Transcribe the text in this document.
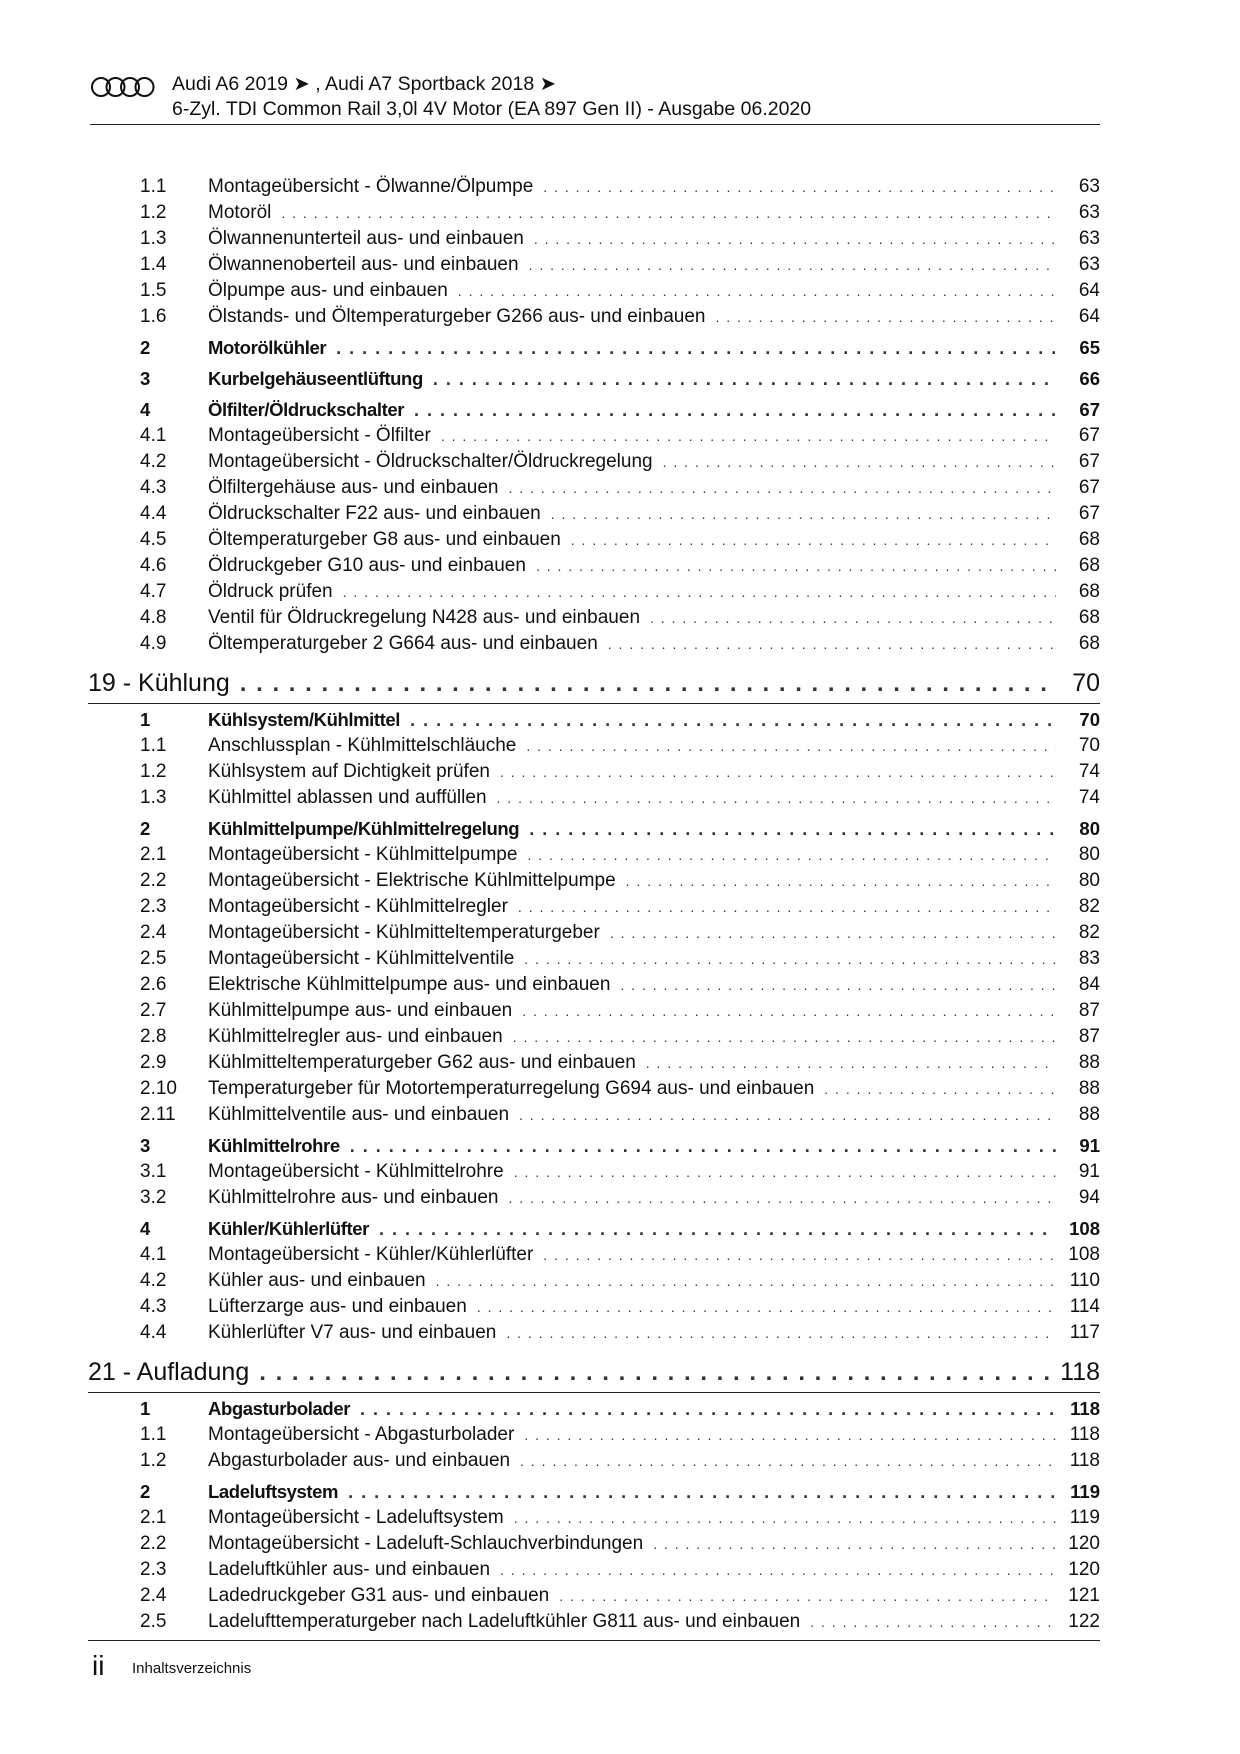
Audi A6 2019 ➤ , Audi A7 Sportback 2018 ➤
6-Zyl. TDI Common Rail 3,0l 4V Motor (EA 897 Gen II) - Ausgabe 06.2020
1.1	Montageübersicht - Ölwanne/Ölpumpe . . .	63
1.2	Motoröl . . .	63
1.3	Ölwannenunterteil aus- und einbauen . . .	63
1.4	Ölwannenoberteil aus- und einbauen . . .	63
1.5	Ölpumpe aus- und einbauen . . .	64
1.6	Ölstands- und Öltemperaturgeber G266 aus- und einbauen . . .	64
2	Motorölkühler . . .	65
3	Kurbelgehäuseentlüftung . . .	66
4	Ölfilter/Öldruckschalter . . .	67
4.1	Montageübersicht - Ölfilter . . .	67
4.2	Montageübersicht - Öldruckschalter/Öldruckregelung . . .	67
4.3	Ölfiltergehäuse aus- und einbauen . . .	67
4.4	Öldruckschalter F22 aus- und einbauen . . .	67
4.5	Öltemperaturgeber G8 aus- und einbauen . . .	68
4.6	Öldruckgeber G10 aus- und einbauen . . .	68
4.7	Öldruck prüfen . . .	68
4.8	Ventil für Öldruckregelung N428 aus- und einbauen . . .	68
4.9	Öltemperaturgeber 2 G664 aus- und einbauen . . .	68
19 - Kühlung . . .	70
1	Kühlsystem/Kühlmittel . . .	70
1.1	Anschlussplan - Kühlmittelschläuche . . .	70
1.2	Kühlsystem auf Dichtigkeit prüfen . . .	74
1.3	Kühlmittel ablassen und auffüllen . . .	74
2	Kühlmittelpumpe/Kühlmittelregelung . . .	80
2.1	Montageübersicht - Kühlmittelpumpe . . .	80
2.2	Montageübersicht - Elektrische Kühlmittelpumpe . . .	80
2.3	Montageübersicht - Kühlmittelregler . . .	82
2.4	Montageübersicht - Kühlmitteltemperaturgeber . . .	82
2.5	Montageübersicht - Kühlmittelventile . . .	83
2.6	Elektrische Kühlmittelpumpe aus- und einbauen . . .	84
2.7	Kühlmittelpumpe aus- und einbauen . . .	87
2.8	Kühlmittelregler aus- und einbauen . . .	87
2.9	Kühlmitteltemperaturgeber G62 aus- und einbauen . . .	88
2.10	Temperaturgeber für Motortemperaturregelung G694 aus- und einbauen . . .	88
2.11	Kühlmittelventile aus- und einbauen . . .	88
3	Kühlmittelrohre . . .	91
3.1	Montageübersicht - Kühlmittelrohre . . .	91
3.2	Kühlmittelrohre aus- und einbauen . . .	94
4	Kühler/Kühlerlüfter . . .	108
4.1	Montageübersicht - Kühler/Kühlerlüfter . . .	108
4.2	Kühler aus- und einbauen . . .	110
4.3	Lüfterzarge aus- und einbauen . . .	114
4.4	Kühlerlüfter V7 aus- und einbauen . . .	117
21 - Aufladung . . .	118
1	Abgasturbolader . . .	118
1.1	Montageübersicht - Abgasturbolader . . .	118
1.2	Abgasturbolader aus- und einbauen . . .	118
2	Ladeluftsystem . . .	119
2.1	Montageübersicht - Ladeluftsystem . . .	119
2.2	Montageübersicht - Ladeluft-Schlauchverbindungen . . .	120
2.3	Ladeluftkühler aus- und einbauen . . .	120
2.4	Ladedruckgeber G31 aus- und einbauen . . .	121
2.5	Ladelufttemperaturgeber nach Ladeluftkühler G811 aus- und einbauen . . .	122
ii Inhaltsverzeichnis
